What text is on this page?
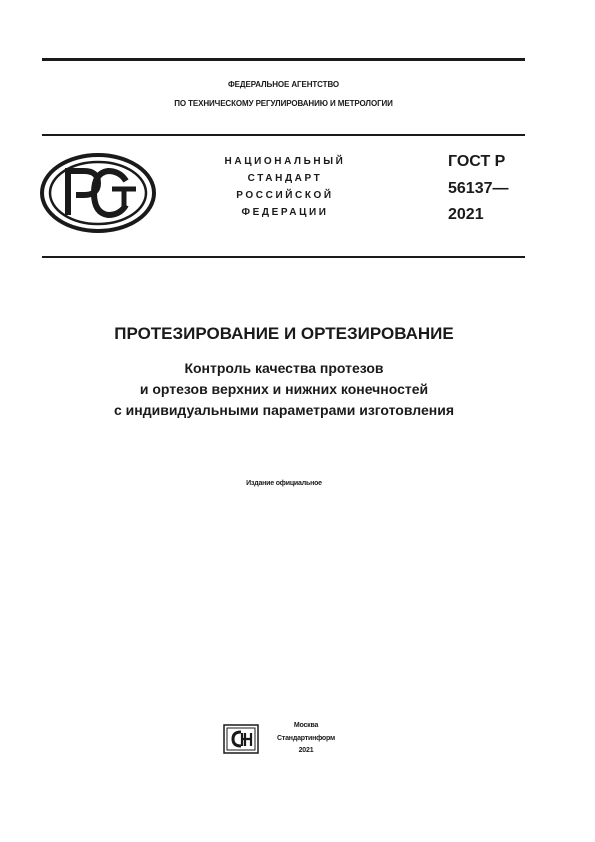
ФЕДЕРАЛЬНОЕ АГЕНТСТВО
ПО ТЕХНИЧЕСКОМУ РЕГУЛИРОВАНИЮ И МЕТРОЛОГИИ
НАЦИОНАЛЬНЫЙ
СТАНДАРТ
РОССИЙСКОЙ
ФЕДЕРАЦИИ
ГОСТ Р
56137—
2021
ПРОТЕЗИРОВАНИЕ И ОРТЕЗИРОВАНИЕ
Контроль качества протезов
и ортезов верхних и нижних конечностей
с индивидуальными параметрами изготовления
Издание официальное
Москва
Стандартинформ
2021
